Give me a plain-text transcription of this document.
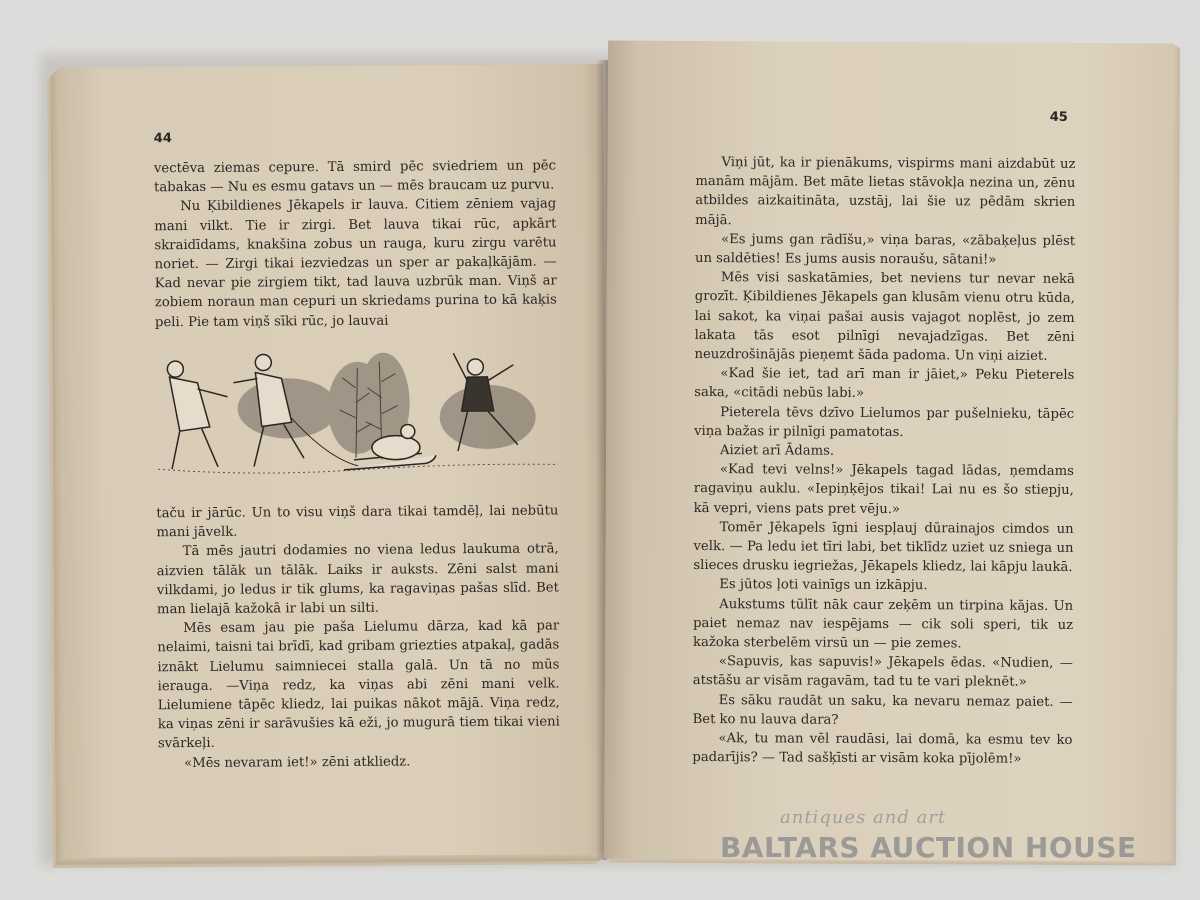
44

vectēva ziemas cepure. Tā smird pēc sviedriem un pēc tabakas — Nu es esmu gatavs un — mēs braucam uz purvu.

Nu Ķibildienes Jēkapels ir lauva. Citiem zēniem vajag mani vilkt. Tie ir zirgi. Bet lauva tikai rūc, apkārt skraidīdams, knakšina zobus un rauga, kuru zirgu varētu noriet. — Zirgi tikai iezviedzas un sper ar pakaļkājām. — Kad nevar pie zirgiem tikt, tad lauva uzbrūk man. Viņš ar zobiem noraun man cepuri un skriedams purina to kā kaķis peli. Pie tam viņš sīki rūc, jo lauvai

taču ir jārūc. Un to visu viņš dara tikai tamdēļ, lai nebūtu mani jāvelk.

Tā mēs jautri dodamies no viena ledus laukuma otrā, aizvien tālāk un tālāk. Laiks ir auksts. Zēni salst mani vilkdami, jo ledus ir tik glums, ka ragaviņas pašas slīd. Bet man lielajā kažokā ir labi un silti.

Mēs esam jau pie paša Lielumu dārza, kad kā par nelaimi, taisni tai brīdī, kad gribam griezties atpakaļ, gadās iznākt Lielumu saimniecei stalla galā. Un tā no mūs ierauga. —Viņa redz, ka viņas abi zēni mani velk. Lielumiene tāpēc kliedz, lai puikas nākot mājā. Viņa redz, ka viņas zēni ir sarāvušies kā eži, jo mugurā tiem tikai vieni svārkeļi.

«Mēs nevaram iet!» zēni atkliedz.

45

Viņi jūt, ka ir pienākums, vispirms mani aizdabūt uz manām mājām. Bet māte lietas stāvokļa nezina un, zēnu atbildes aizkaitināta, uzstāj, lai šie uz pēdām skrien mājā.

«Es jums gan rādīšu,» viņa baras, «zābaķeļus plēst un saldēties! Es jums ausis noraušu, sātani!»

Mēs visi saskatāmies, bet neviens tur nevar nekā grozīt. Ķibildienes Jēkapels gan klusām vienu otru kūda, lai sakot, ka viņai pašai ausis vajagot noplēst, jo zem lakata tās esot pilnīgi nevajadzīgas. Bet zēni neuzdrošinājās pieņemt šāda padoma. Un viņi aiziet.

«Kad šie iet, tad arī man ir jāiet,» Peku Pieterels saka, «citādi nebūs labi.»

Pieterela tēvs dzīvo Lielumos par pušelnieku, tāpēc viņa bažas ir pilnīgi pamatotas.

Aiziet arī Ādams.

«Kad tevi velns!» Jēkapels tagad lādas, ņemdams ragaviņu auklu. «Iepiņķējos tikai! Lai nu es šo stiepju, kā vepri, viens pats pret vēju.»

Tomēr Jēkapels īgni iespļauj dūrainajos cimdos un velk. — Pa ledu iet tīri labi, bet tiklīdz uziet uz sniega un slieces drusku iegriežas, Jēkapels kliedz, lai kāpju laukā.

Es jūtos ļoti vainīgs un izkāpju.

Aukstums tūlīt nāk caur zeķēm un tirpina kājas. Un paiet nemaz nav iespējams — cik soli speri, tik uz kažoka sterbelēm virsū un — pie zemes.

«Sapuvis, kas sapuvis!» Jēkapels ēdas. «Nudien, — atstāšu ar visām ragavām, tad tu te vari pleknēt.»

Es sāku raudāt un saku, ka nevaru nemaz paiet. — Bet ko nu lauva dara?

«Ak, tu man vēl raudāsi, lai domā, ka esmu tev ko padarījis? — Tad sašķīsti ar visām koka pījolēm!»

antiques and art
BALTARS AUCTION HOUSE
